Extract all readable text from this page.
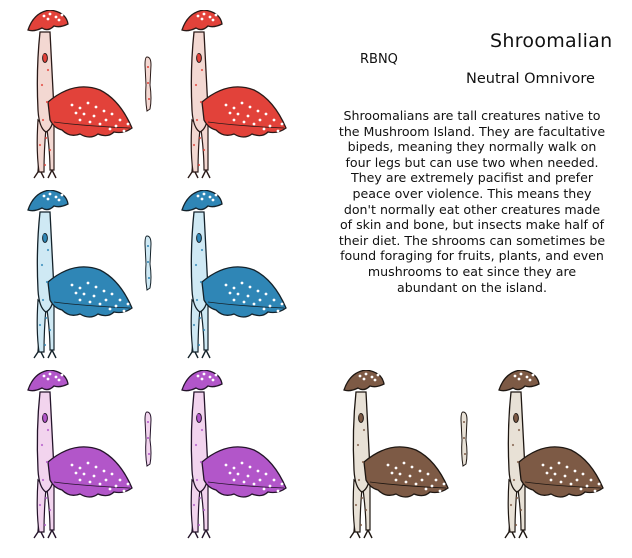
Shroomalian
RBNQ
Neutral Omnivore
Shroomalians are tall creatures native to the Mushroom Island. They are facultative bipeds, meaning they normally walk on four legs but can use two when needed. They are extremely pacifist and prefer peace over violence. This means they don't normally eat other creatures made of skin and bone, but insects make half of their diet. The shrooms can sometimes be found foraging for fruits, plants, and even mushrooms to eat since they are abundant on the island.
